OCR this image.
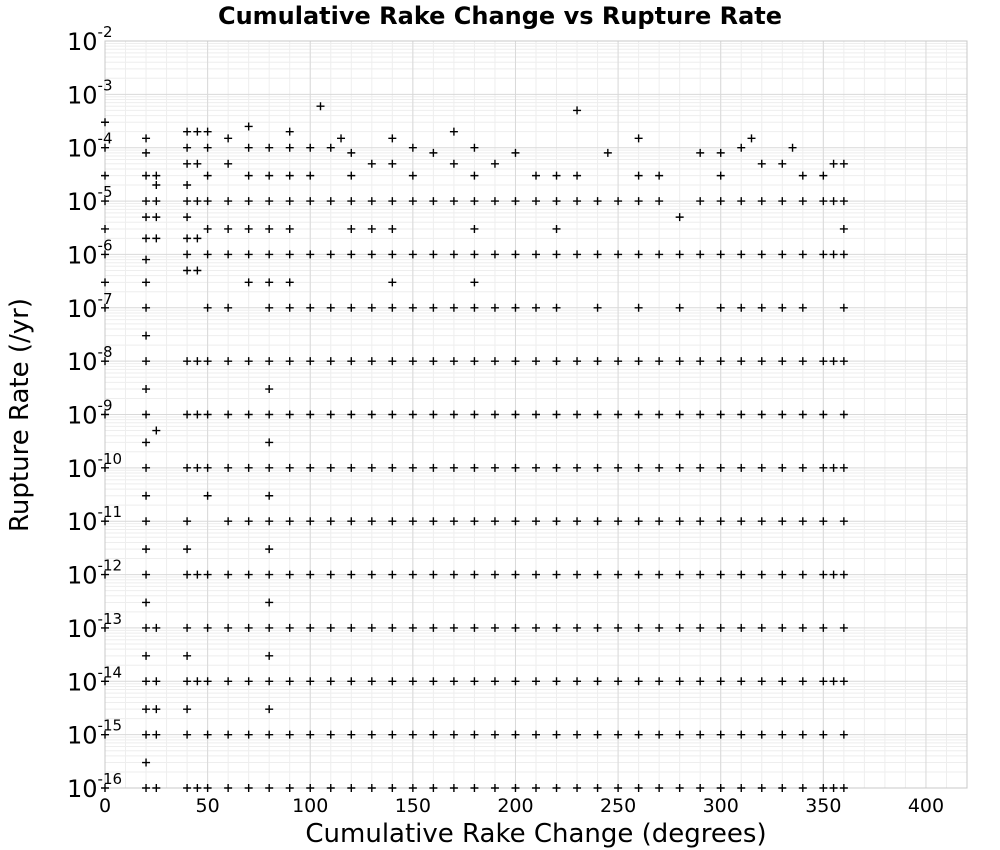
Cumulative Rake Change vs Rupture Rate
0	50	100	150	200	250	300	350	400
10-16
10-15
10-14
10-13
10-12
10-11
10-10
10-9
10-8
10-7
10-6
10-5
10-4
10-3
10-2
Cumulative Rake Change (degrees)
Rupture Rate (/yr)
